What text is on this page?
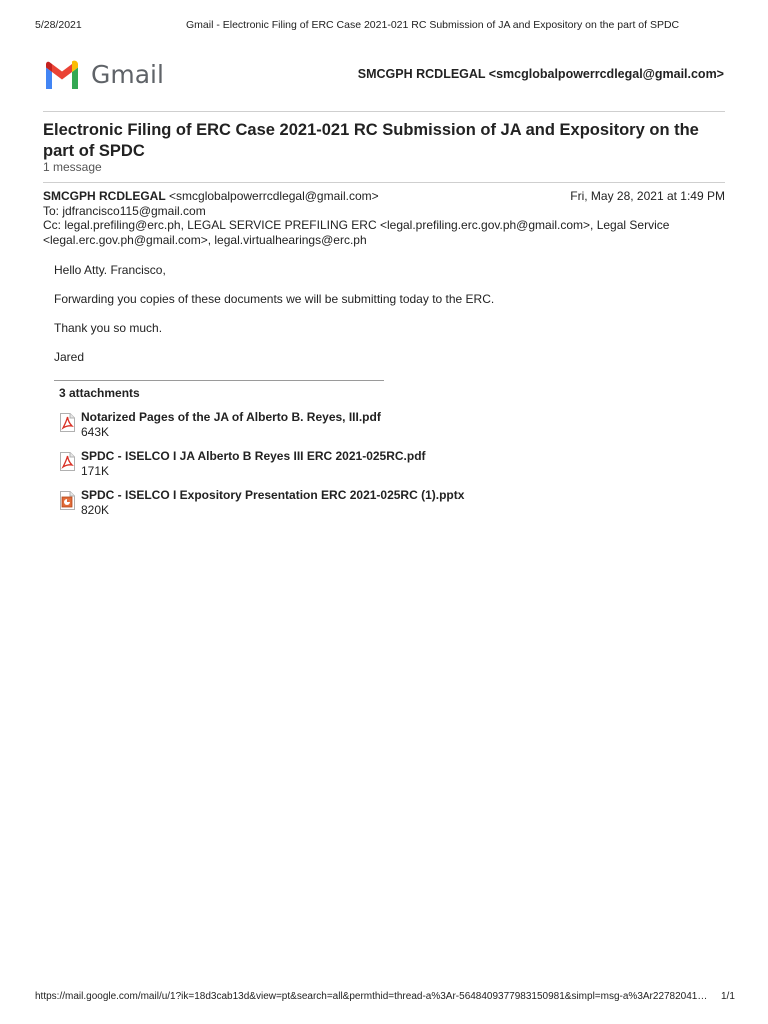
5/28/2021	Gmail - Electronic Filing of ERC Case 2021-021 RC Submission of JA and Expository on the part of SPDC
Gmail	SMCGPH RCDLEGAL <smcglobalpowerrcdlegal@gmail.com>
Electronic Filing of ERC Case 2021-021 RC Submission of JA and Expository on the part of SPDC
1 message
SMCGPH RCDLEGAL <smcglobalpowerrcdlegal@gmail.com>	Fri, May 28, 2021 at 1:49 PM
To: jdfrancisco115@gmail.com
Cc: legal.prefiling@erc.ph, LEGAL SERVICE PREFILING ERC <legal.prefiling.erc.gov.ph@gmail.com>, Legal Service
<legal.erc.gov.ph@gmail.com>, legal.virtualhearings@erc.ph

Hello Atty. Francisco,

Forwarding you copies of these documents we will be submitting today to the ERC.

Thank you so much.

Jared

3 attachments
Notarized Pages of the JA of Alberto B. Reyes, III.pdf
643K
SPDC - ISELCO I JA Alberto B Reyes III ERC 2021-025RC.pdf
171K
SPDC - ISELCO I Expository Presentation ERC 2021-025RC (1).pptx
820K
https://mail.google.com/mail/u/1?ik=18d3cab13d&view=pt&search=all&permthid=thread-a%3Ar-5648409377983150981&simpl=msg-a%3Ar22782041… 1/1
